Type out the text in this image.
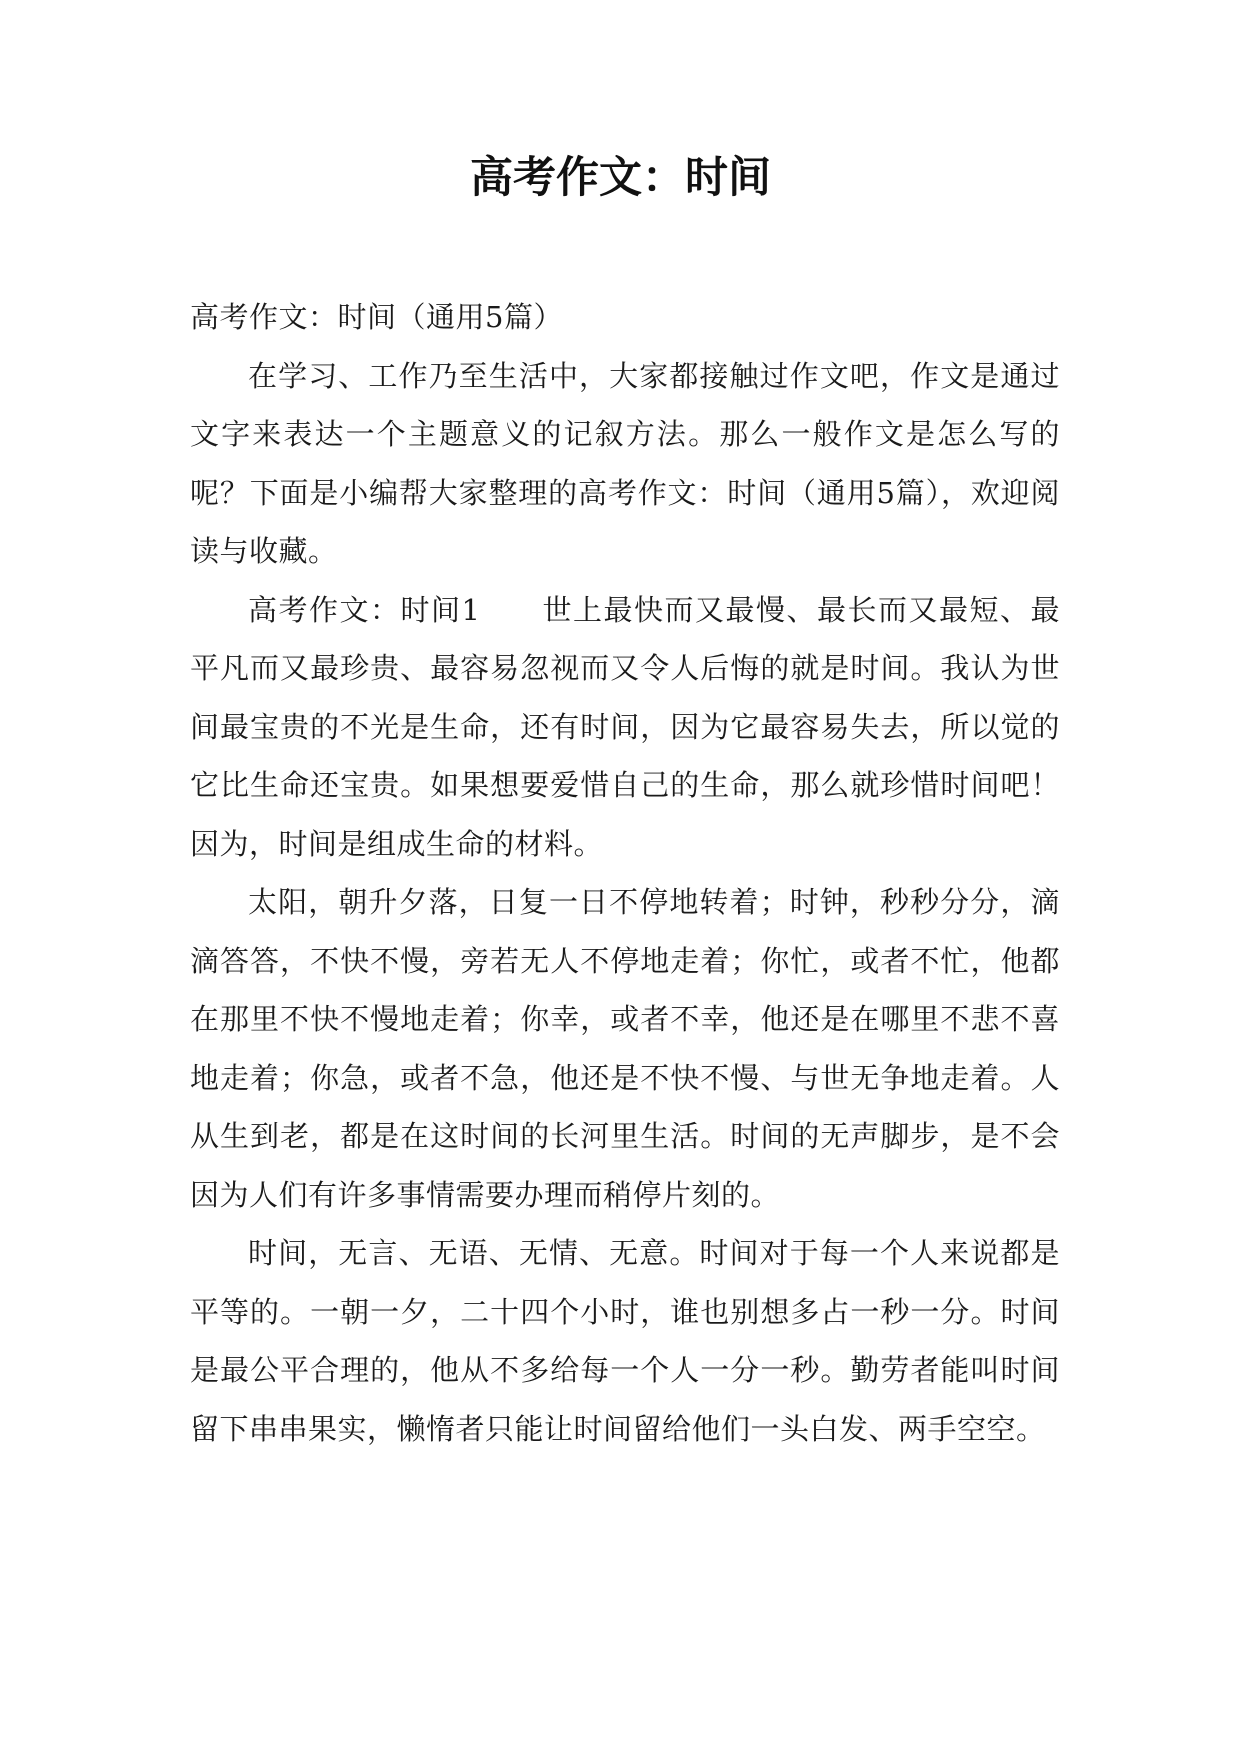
高考作文：时间

高考作文：时间（通用5篇）

在学习、工作乃至生活中，大家都接触过作文吧，作文是通过文字来表达一个主题意义的记叙方法。那么一般作文是怎么写的呢？下面是小编帮大家整理的高考作文：时间（通用5篇），欢迎阅读与收藏。

高考作文：时间1　　世上最快而又最慢、最长而又最短、最平凡而又最珍贵、最容易忽视而又令人后悔的就是时间。我认为世间最宝贵的不光是生命，还有时间，因为它最容易失去，所以觉的它比生命还宝贵。如果想要爱惜自己的生命，那么就珍惜时间吧！因为，时间是组成生命的材料。

太阳，朝升夕落，日复一日不停地转着；时钟，秒秒分分，滴滴答答，不快不慢，旁若无人不停地走着；你忙，或者不忙，他都在那里不快不慢地走着；你幸，或者不幸，他还是在哪里不悲不喜地走着；你急，或者不急，他还是不快不慢、与世无争地走着。人从生到老，都是在这时间的长河里生活。时间的无声脚步，是不会因为人们有许多事情需要办理而稍停片刻的。

时间，无言、无语、无情、无意。时间对于每一个人来说都是平等的。一朝一夕，二十四个小时，谁也别想多占一秒一分。时间是最公平合理的，他从不多给每一个人一分一秒。勤劳者能叫时间留下串串果实，懒惰者只能让时间留给他们一头白发、两手空空。
